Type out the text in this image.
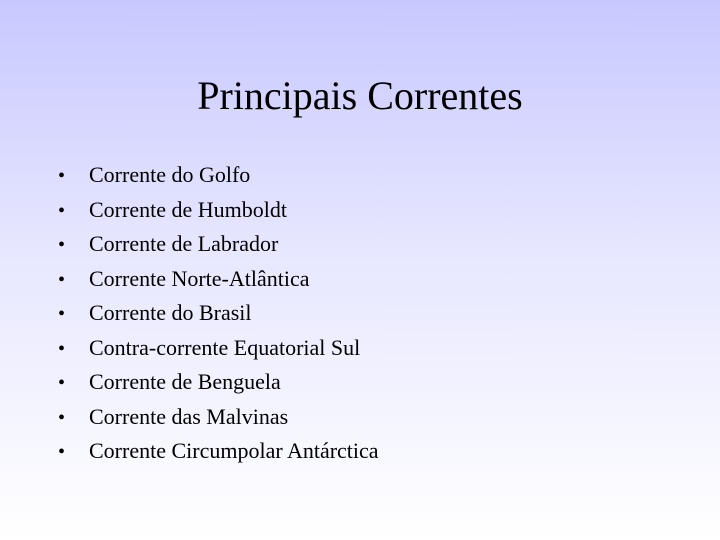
Principais Correntes
•	Corrente do Golfo
•	Corrente de Humboldt
•	Corrente de Labrador
•	Corrente Norte-Atlântica
•	Corrente do Brasil
•	Contra-corrente Equatorial Sul
•	Corrente de Benguela
•	Corrente das Malvinas
•	Corrente Circumpolar Antárctica
